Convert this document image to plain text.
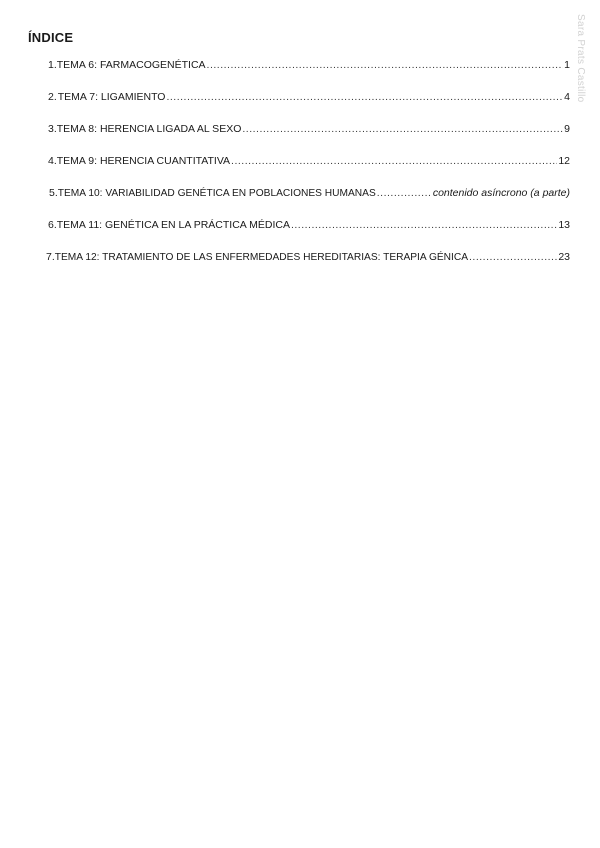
ÍNDICE	Sara Prats Castillo
1. TEMA 6: FARMACOGENÉTICA .....	1
2. TEMA 7: LIGAMIENTO .....	4
3. TEMA 8: HERENCIA LIGADA AL SEXO .....	9
4. TEMA 9: HERENCIA CUANTITATIVA .....	12
5. TEMA 10: VARIABILIDAD GENÉTICA EN POBLACIONES HUMANAS .....	contenido asíncrono (a parte)
6. TEMA 11: GENÉTICA EN LA PRÁCTICA MÉDICA .....	13
7. TEMA 12: TRATAMIENTO DE LAS ENFERMEDADES HEREDITARIAS: TERAPIA GÉNICA .....	23
